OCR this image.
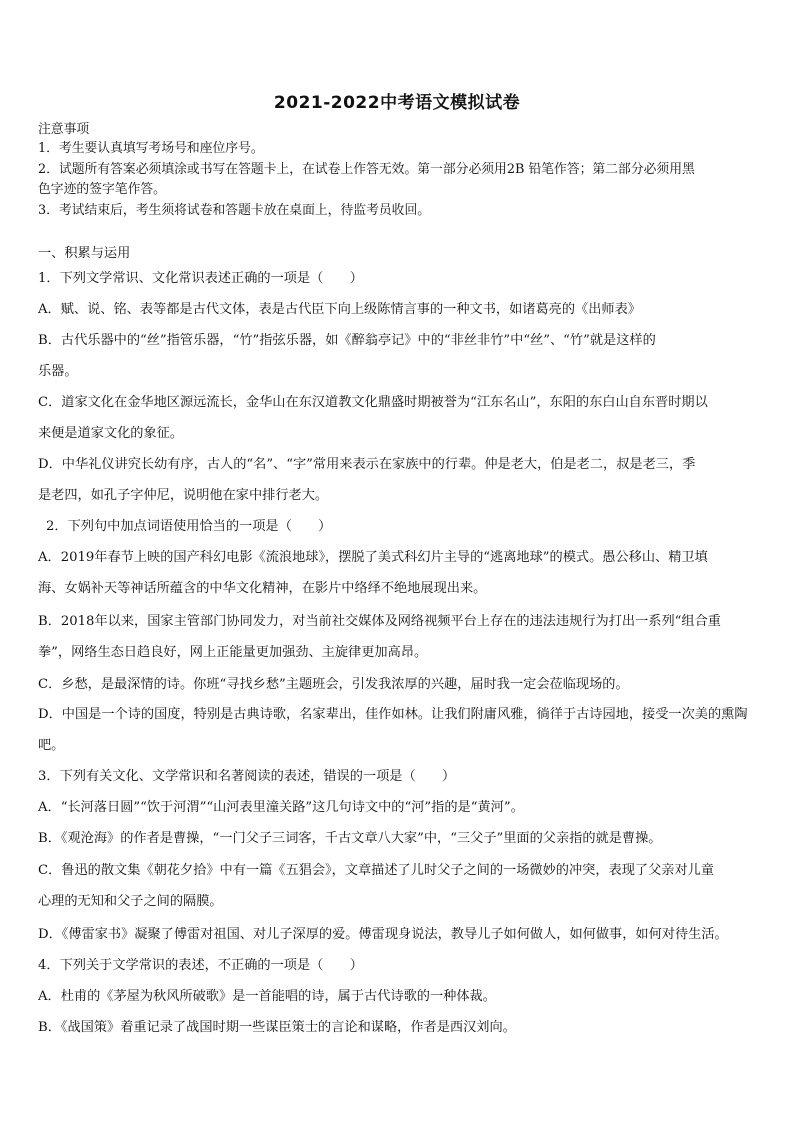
2021-2022中考语文模拟试卷
注意事项
1．考生要认真填写考场号和座位序号。
2．试题所有答案必须填涂或书写在答题卡上，在试卷上作答无效。第一部分必须用2B 铅笔作答；第二部分必须用黑
色字迹的签字笔作答。
3．考试结束后，考生须将试卷和答题卡放在桌面上，待监考员收回。
一、积累与运用
1．下列文学常识、文化常识表述正确的一项是（　　）
A．赋、说、铭、表等都是古代文体，表是古代臣下向上级陈情言事的一种文书，如诸葛亮的《出师表》
B．古代乐器中的“丝”指管乐器，“竹”指弦乐器，如《醉翁亭记》中的“非丝非竹”中“丝”、“竹”就是这样的
乐器。
C．道家文化在金华地区源远流长，金华山在东汉道教文化鼎盛时期被誉为“江东名山”，东阳的东白山自东晋时期以
来便是道家文化的象征。
D．中华礼仪讲究长幼有序，古人的“名”、“字”常用来表示在家族中的行辈。仲是老大，伯是老二，叔是老三，季
是老四，如孔子字仲尼，说明他在家中排行老大。
2．下列句中加点词语使用恰当的一项是（　　）
A．2019年春节上映的国产科幻电影《流浪地球》，摆脱了美式科幻片主导的“逃离地球”的模式。愚公移山、精卫填
海、女娲补天等神话所蕴含的中华文化精神，在影片中络绎不绝地展现出来。
B．2018年以来，国家主管部门协同发力，对当前社交媒体及网络视频平台上存在的违法违规行为打出一系列“组合重
拳”，网络生态日趋良好，网上正能量更加强劲、主旋律更加高昂。
C．乡愁，是最深情的诗。你班“寻找乡愁”主题班会，引发我浓厚的兴趣，届时我一定会莅临现场的。
D．中国是一个诗的国度，特别是古典诗歌，名家辈出，佳作如林。让我们附庸风雅，徜徉于古诗园地，接受一次美的熏陶
吧。
3．下列有关文化、文学常识和名著阅读的表述，错误的一项是（　　）
A．“长河落日圆”“饮于河渭”“山河表里潼关路”这几句诗文中的“河”指的是“黄河”。
B．《观沧海》的作者是曹操，“一门父子三词客，千古文章八大家”中，“三父子”里面的父亲指的就是曹操。
C．鲁迅的散文集《朝花夕拾》中有一篇《五猖会》，文章描述了儿时父子之间的一场微妙的冲突，表现了父亲对儿童
心理的无知和父子之间的隔膜。
D．《傅雷家书》凝聚了傅雷对祖国、对儿子深厚的爱。傅雷现身说法，教导儿子如何做人，如何做事，如何对待生活。
4．下列关于文学常识的表述，不正确的一项是（　　）
A．杜甫的《茅屋为秋风所破歌》是一首能唱的诗，属于古代诗歌的一种体裁。
B．《战国策》着重记录了战国时期一些谋臣策士的言论和谋略，作者是西汉刘向。
